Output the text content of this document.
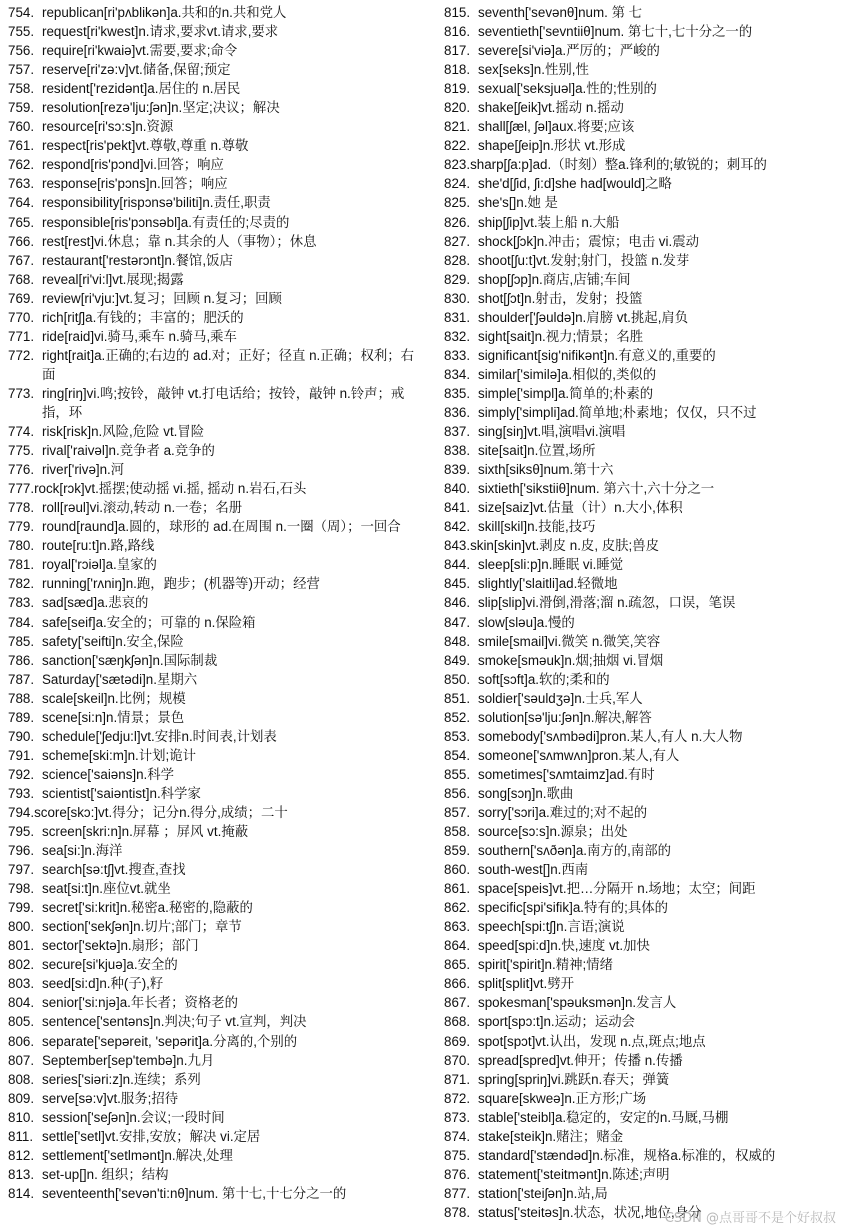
754. republican[ri'pʌblikən]a.共和的n.共和党人
755. request[ri'kwest]n.请求,要求vt.请求,要求
756. require[ri'kwaiə]vt.需要,要求;命令
757. reserve[ri'zə:v]vt.储备,保留;预定
758. resident['rezidənt]a.居住的 n.居民
759. resolution[rezə'lju:ʃən]n.坚定;决议；解决
760. resource[ri'sɔ:s]n.资源
761. respect[ris'pekt]vt.尊敬,尊重 n.尊敬
762. respond[ris'pɔnd]vi.回答；响应
763. response[ris'pɔns]n.回答；响应
764. responsibility[rispɔnsə'biliti]n.责任,职责
765. responsible[ris'pɔnsəbl]a.有责任的;尽责的
766. rest[rest]vi.休息；靠 n.其余的人（事物）；休息
767. restaurant['restərɔnt]n.餐馆,饭店
768. reveal[ri'vi:l]vt.展现;揭露
769. review[ri'vju:]vt.复习；回顾 n.复习；回顾
770. rich[ritʃ]a.有钱的；丰富的；肥沃的
771. ride[raid]vi.骑马,乘车 n.骑马,乘车
772. right[rait]a.正确的;右边的 ad.对；正好；径直 n.正确；权利；右面
773. ring[riŋ]vi.鸣;按铃，敲钟 vt.打电话给；按铃，敲钟 n.铃声；戒指，环
774. risk[risk]n.风险,危险 vt.冒险
775. rival['raivəl]n.竞争者 a.竞争的
776. river['rivə]n.河
777. rock[rɔk]vt.摇摆;使动摇 vi.摇, 摇动 n.岩石,石头
778. roll[rəul]vi.滚动,转动 n.一卷；名册
779. round[raund]a.圆的，球形的 ad.在周围 n.一圈（周）；一回合
780. route[ru:t]n.路,路线
781. royal['rɔiəl]a.皇家的
782. running['rʌniŋ]n.跑，跑步；(机器等)开动；经营
783. sad[sæd]a.悲哀的
784. safe[seif]a.安全的；可靠的 n.保险箱
785. safety['seifti]n.安全,保险
786. sanction['sæŋkʃən]n.国际制裁
787. Saturday['sætədi]n.星期六
788. scale[skeil]n.比例；规模
789. scene[si:n]n.情景；景色
790. schedule['ʃedju:l]vt.安排n.时间表,计划表
791. scheme[ski:m]n.计划;诡计
792. science['saiəns]n.科学
793. scientist['saiəntist]n.科学家
794. score[skɔ:]vt.得分；记分n.得分,成绩；二十
795. screen[skri:n]n.屏幕 ；屏风 vt.掩蔽
796. sea[si:]n.海洋
797. search[sə:tʃ]vt.搜查,查找
798. seat[si:t]n.座位vt.就坐
799. secret['si:krit]n.秘密a.秘密的,隐蔽的
800. section['sekʃən]n.切片;部门；章节
801. sector['sektə]n.扇形；部门
802. secure[si'kjuə]a.安全的
803. seed[si:d]n.种(子),籽
804. senior['si:njə]a.年长者；资格老的
805. sentence['sentəns]n.判决;句子 vt.宣判，判决
806. separate['sepəreit, 'sepərit]a.分离的,个别的
807. September[sep'tembə]n.九月
808. series['siəri:z]n.连续；系列
809. serve[sə:v]vt.服务;招待
810. session['seʃən]n.会议;一段时间
811. settle['setl]vt.安排,安放；解决 vi.定居
812. settlement['setlmənt]n.解决,处理
813. set-up[]n. 组织；结构
814. seventeenth['sevən'ti:nθ]num. 第十七,十七分之一的
815. seventh['sevənθ]num. 第 七
816. seventieth['sevntiiθ]num. 第七十,七十分之一的
817. severe[si'viə]a.严厉的；严峻的
818. sex[seks]n.性别,性
819. sexual['seksjuəl]a.性的;性别的
820. shake[ʃeik]vt.摇动 n.摇动
821. shall[ʃæl, ʃəl]aux.将要;应该
822. shape[ʃeip]n.形状 vt.形成
823. sharp[ʃa:p]ad.（时刻）整a.锋利的;敏锐的；刺耳的
824. she'd[ʃid, ʃi:d]she had[would]之略
825. she's[]n.她 是
826. ship[ʃip]vt.装上船 n.大船
827. shock[ʃɔk]n.冲击；震惊；电击 vi.震动
828. shoot[ʃu:t]vt.发射;射门，投篮 n.发芽
829. shop[ʃɔp]n.商店,店铺;车间
830. shot[ʃɔt]n.射击，发射；投篮
831. shoulder['ʃəuldə]n.肩膀 vt.挑起,肩负
832. sight[sait]n.视力;情景；名胜
833. significant[sig'nifikənt]n.有意义的,重要的
834. similar['similə]a.相似的,类似的
835. simple['simpl]a.简单的;朴素的
836. simply['simpli]ad.简单地;朴素地；仅仅，只不过
837. sing[siŋ]vt.唱,演唱vi.演唱
838. site[sait]n.位置,场所
839. sixth[siksθ]num.第十六
840. sixtieth['sikstiiθ]num. 第六十,六十分之一
841. size[saiz]vt.估量（计）n.大小,体积
842. skill[skil]n.技能,技巧
843. skin[skin]vt.剥皮 n.皮, 皮肤;兽皮
844. sleep[sli:p]n.睡眠 vi.睡觉
845. slightly['slaitli]ad.轻微地
846. slip[slip]vi.滑倒,滑落;溜 n.疏忽，口误，笔误
847. slow[sləu]a.慢的
848. smile[smail]vi.微笑 n.微笑,笑容
849. smoke[sməuk]n.烟;抽烟 vi.冒烟
850. soft[sɔft]a.软的;柔和的
851. soldier['səuldʒə]n.士兵,军人
852. solution[sə'lju:ʃən]n.解决,解答
853. somebody['sʌmbədi]pron.某人,有人 n.大人物
854. someone['sʌmwʌn]pron.某人,有人
855. sometimes['sʌmtaimz]ad.有时
856. song[sɔŋ]n.歌曲
857. sorry['sɔri]a.难过的;对不起的
858. source[sɔ:s]n.源泉；出处
859. southern['sʌðən]a.南方的,南部的
860. south-west[]n.西南
861. space[speis]vt.把…分隔开 n.场地；太空；间距
862. specific[spi'sifik]a.特有的;具体的
863. speech[spi:tʃ]n.言语;演说
864. speed[spi:d]n.快,速度 vt.加快
865. spirit['spirit]n.精神;情绪
866. split[split]vt.劈开
867. spokesman['spəuksmən]n.发言人
868. sport[spɔ:t]n.运动；运动会
869. spot[spɔt]vt.认出，发现 n.点,斑点;地点
870. spread[spred]vt.伸开；传播 n.传播
871. spring[spriŋ]vi.跳跃n.春天；弹簧
872. square[skweə]n.正方形;广场
873. stable['steibl]a.稳定的，安定的n.马厩,马棚
874. stake[steik]n.赌注；赌金
875. standard['stændəd]n.标准，规格a.标准的，权威的
876. statement['steitmənt]n.陈述;声明
877. station['steiʃən]n.站,局
878. status['steitəs]n.状态，状况,地位,身分
CSDN @点哥哥不是个好叔叔
